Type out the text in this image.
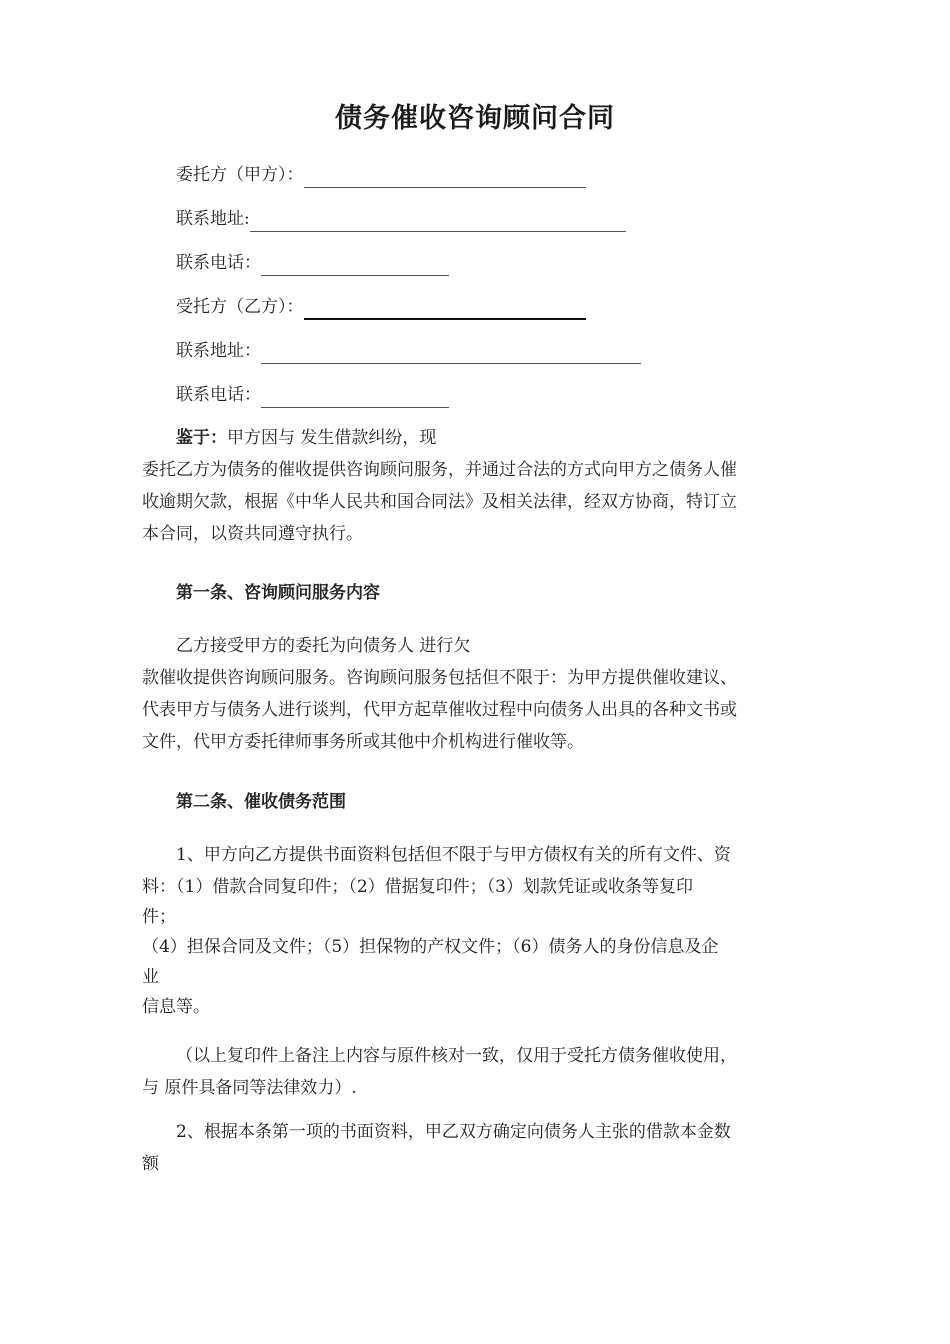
债务催收咨询顾问合同
委托方（甲方）：
联系地址:
联系电话：
受托方（乙方）：
联系地址：
联系电话：
鉴于：甲方因与 发生借款纠纷，现
委托乙方为债务的催收提供咨询顾问服务，并通过合法的方式向甲方之债务人催
收逾期欠款，根据《中华人民共和国合同法》及相关法律，经双方协商，特订立
本合同，以资共同遵守执行。
第一条、咨询顾问服务内容
乙方接受甲方的委托为向债务人 进行欠
款催收提供咨询顾问服务。咨询顾问服务包括但不限于：为甲方提供催收建议、
代表甲方与债务人进行谈判，代甲方起草催收过程中向债务人出具的各种文书或
文件，代甲方委托律师事务所或其他中介机构进行催收等。
第二条、催收债务范围
1、甲方向乙方提供书面资料包括但不限于与甲方债权有关的所有文件、资
料：（1）借款合同复印件；（2）借据复印件；（3）划款凭证或收条等复印
件；
（4）担保合同及文件；（5）担保物的产权文件；（6）债务人的身份信息及企
业
信息等。
（以上复印件上备注上内容与原件核对一致，仅用于受托方债务催收使用，
与 原件具备同等法律效力）.
2、根据本条第一项的书面资料，甲乙双方确定向债务人主张的借款本金数
额
